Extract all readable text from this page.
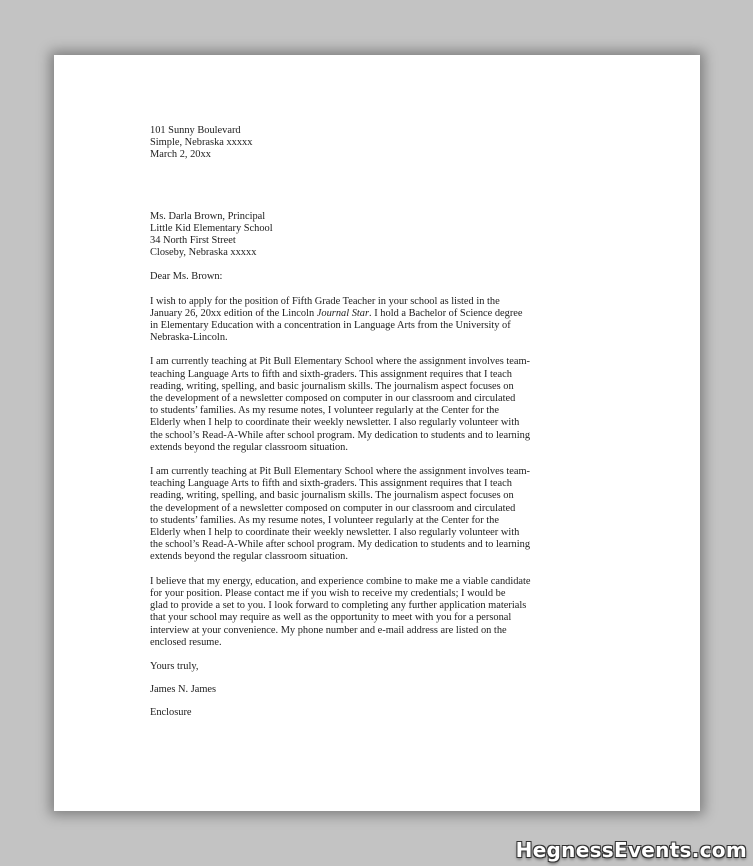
101 Sunny Boulevard
Simple, Nebraska xxxxx
March 2, 20xx
Ms. Darla Brown, Principal
Little Kid Elementary School
34 North First Street
Closeby, Nebraska xxxxx
Dear Ms. Brown:
I wish to apply for the position of Fifth Grade Teacher in your school as listed in the
January 26, 20xx edition of the Lincoln Journal Star. I hold a Bachelor of Science degree
in Elementary Education with a concentration in Language Arts from the University of
Nebraska-Lincoln.
I am currently teaching at Pit Bull Elementary School where the assignment involves team-
teaching Language Arts to fifth and sixth-graders. This assignment requires that I teach
reading, writing, spelling, and basic journalism skills. The journalism aspect focuses on
the development of a newsletter composed on computer in our classroom and circulated
to students’ families. As my resume notes, I volunteer regularly at the Center for the
Elderly when I help to coordinate their weekly newsletter. I also regularly volunteer with
the school’s Read-A-While after school program. My dedication to students and to learning
extends beyond the regular classroom situation.
I am currently teaching at Pit Bull Elementary School where the assignment involves team-
teaching Language Arts to fifth and sixth-graders. This assignment requires that I teach
reading, writing, spelling, and basic journalism skills. The journalism aspect focuses on
the development of a newsletter composed on computer in our classroom and circulated
to students’ families. As my resume notes, I volunteer regularly at the Center for the
Elderly when I help to coordinate their weekly newsletter. I also regularly volunteer with
the school’s Read-A-While after school program. My dedication to students and to learning
extends beyond the regular classroom situation.
I believe that my energy, education, and experience combine to make me a viable candidate
for your position. Please contact me if you wish to receive my credentials; I would be
glad to provide a set to you. I look forward to completing any further application materials
that your school may require as well as the opportunity to meet with you for a personal
interview at your convenience. My phone number and e-mail address are listed on the
enclosed resume.
Yours truly,
James N. James
Enclosure
HegnessEvents.com
